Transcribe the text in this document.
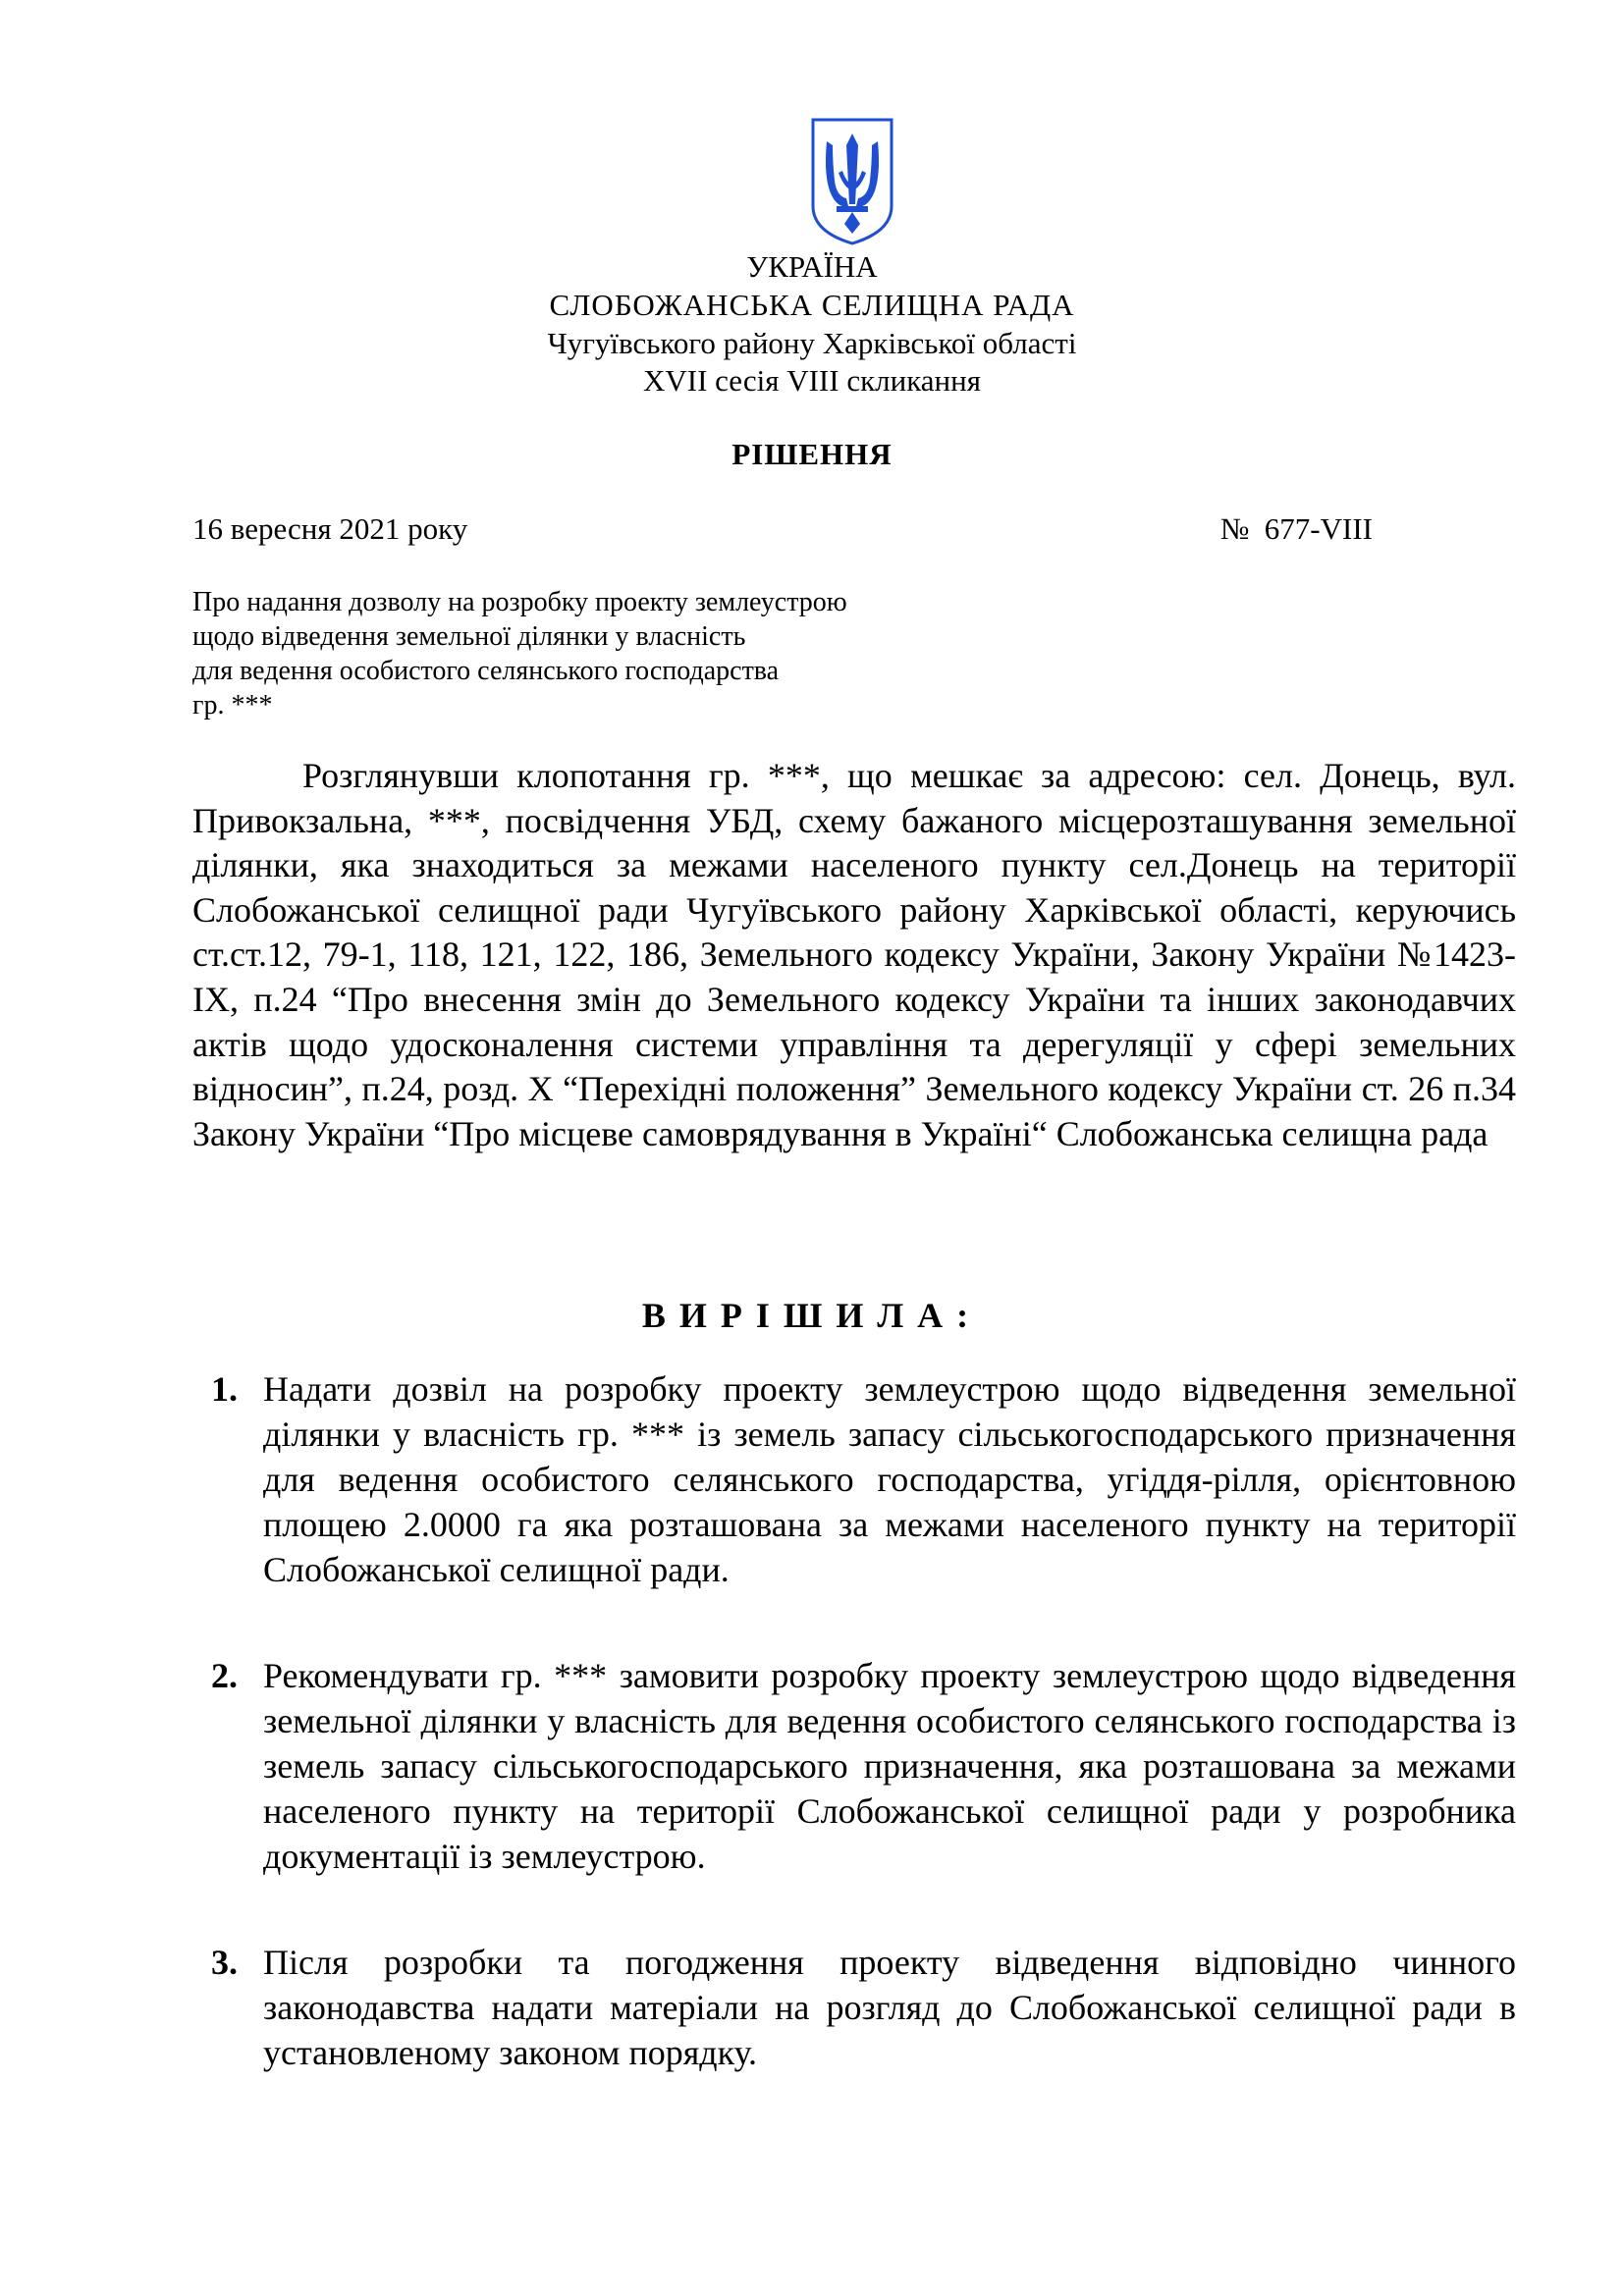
УКРАЇНА
СЛОБОЖАНСЬКА СЕЛИЩНА РАДА
Чугуївського району Харківської області
XVII сесія VIII скликання
РІШЕННЯ
16 вересня 2021 року	№  677-VIII
Про надання дозволу на розробку проекту землеустрою
щодо відведення земельної ділянки у власність
для ведення особистого селянського господарства
гр. ***
Розглянувши клопотання гр. ***, що мешкає за адресою: сел. Донець, вул. Привокзальна, ***, посвідчення УБД, схему бажаного місцерозташування земельної ділянки, яка знаходиться за межами населеного пункту сел.Донець на території Слобожанської селищної ради Чугуївського району Харківської області, керуючись ст.ст.12, 79-1, 118, 121, 122, 186, Земельного кодексу України, Закону України №1423-ІХ, п.24 “Про внесення змін до Земельного кодексу України та інших законодавчих актів щодо удосконалення системи управління та дерегуляції у сфері земельних відносин”, п.24, розд. Х “Перехідні положення” Земельного кодексу України ст. 26 п.34 Закону України “Про місцеве самоврядування в Україні“ Слобожанська селищна рада
ВИРІШИЛА:
1. Надати дозвіл на розробку проекту землеустрою щодо відведення земельної ділянки у власність гр. *** із земель запасу сільськогосподарського призначення для ведення особистого селянського господарства, угіддя-рілля, орієнтовною площею 2.0000 га яка розташована за межами населеного пункту на території Слобожанської селищної ради.
2. Рекомендувати гр. *** замовити розробку проекту землеустрою щодо відведення земельної ділянки у власність для ведення особистого селянського господарства із земель запасу сільськогосподарського призначення, яка розташована за межами населеного пункту на території Слобожанської селищної ради у розробника документації із землеустрою.
3. Після розробки та погодження проекту відведення відповідно чинного законодавства надати матеріали на розгляд до Слобожанської селищної ради в установленому законом порядку.
